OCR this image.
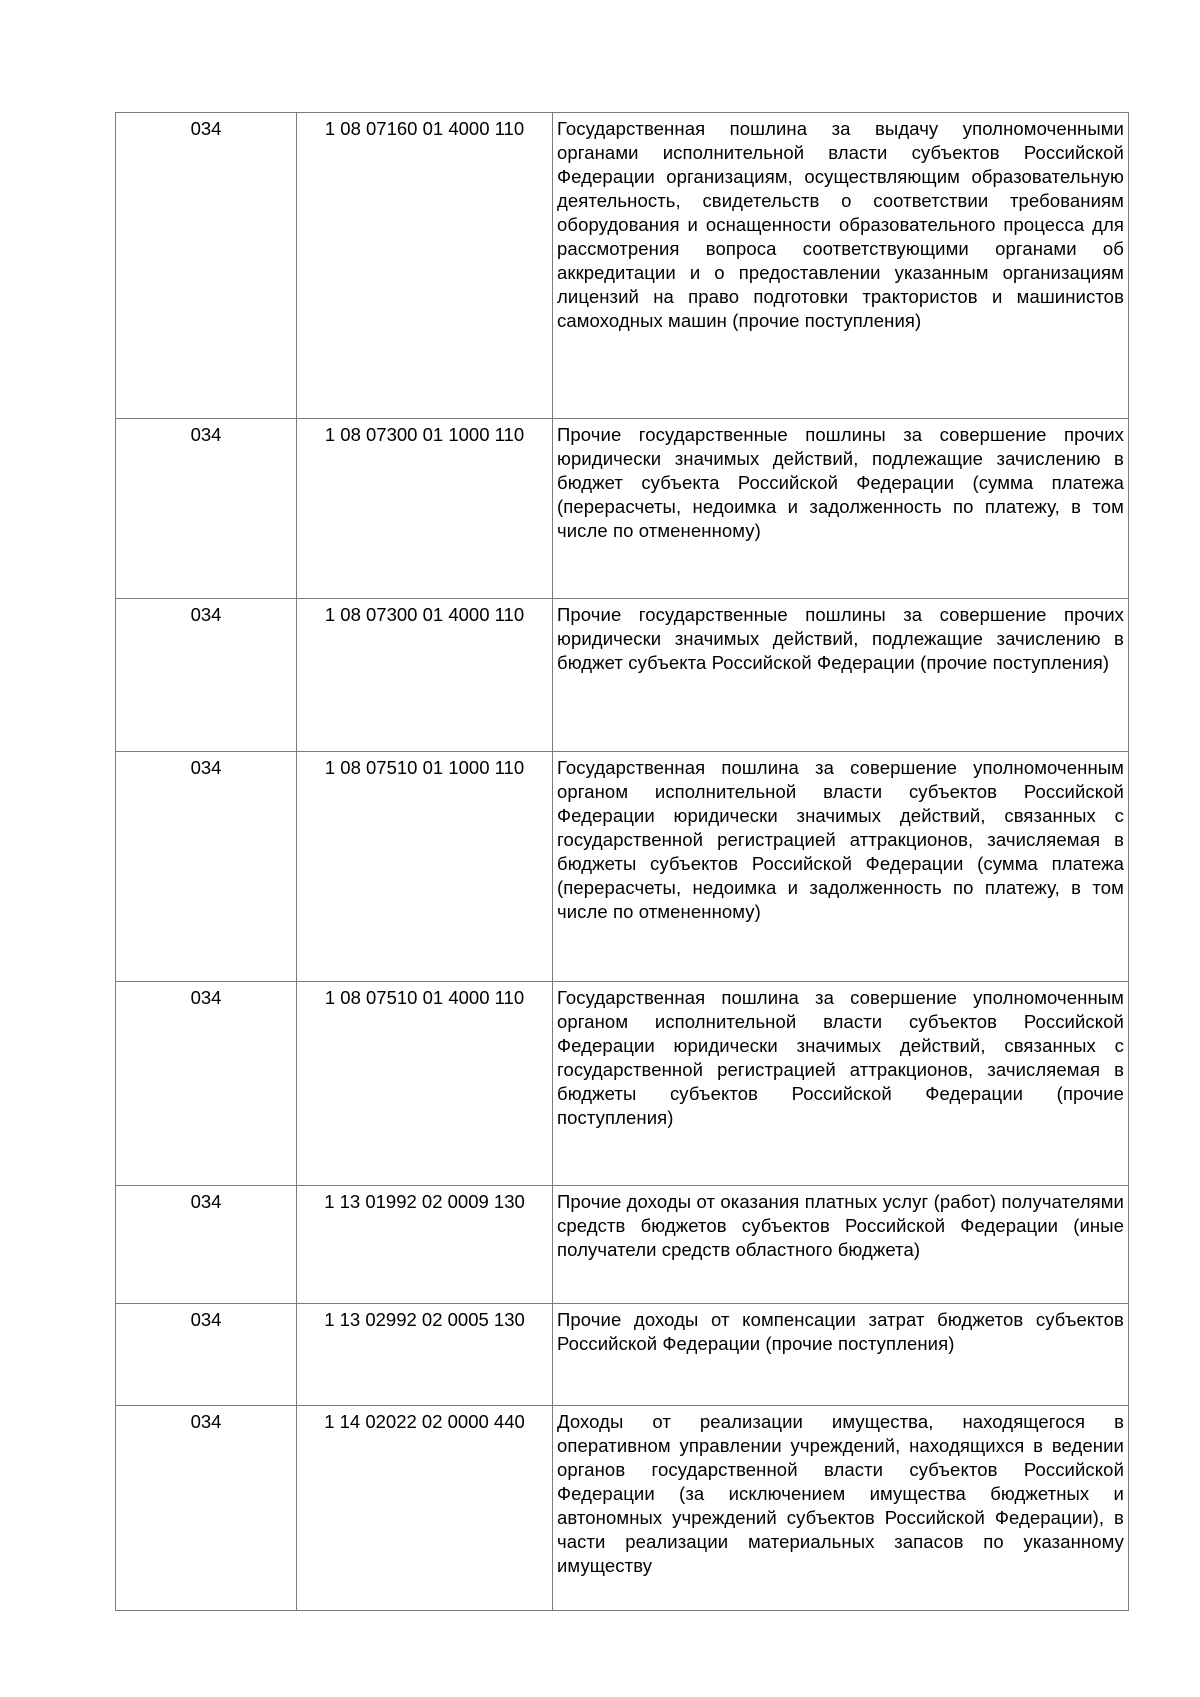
034	1 08 07160 01 4000 110	Государственная пошлина за выдачу уполномоченными органами исполнительной власти субъектов Российской Федерации организациям, осуществляющим образовательную деятельность, свидетельств о соответствии требованиям оборудования и оснащенности образовательного процесса для рассмотрения вопроса соответствующими органами об аккредитации и о предоставлении указанным организациям лицензий на право подготовки трактористов и машинистов самоходных машин (прочие поступления)
034	1 08 07300 01 1000 110	Прочие государственные пошлины за совершение прочих юридически значимых действий, подлежащие зачислению в бюджет субъекта Российской Федерации (сумма платежа (перерасчеты, недоимка и задолженность по платежу, в том числе по отмененному)
034	1 08 07300 01 4000 110	Прочие государственные пошлины за совершение прочих юридически значимых действий, подлежащие зачислению в бюджет субъекта Российской Федерации (прочие поступления)
034	1 08 07510 01 1000 110	Государственная пошлина за совершение уполномоченным органом исполнительной власти субъектов Российской Федерации юридически значимых действий, связанных с государственной регистрацией аттракционов, зачисляемая в бюджеты субъектов Российской Федерации (сумма платежа (перерасчеты, недоимка и задолженность по платежу, в том числе по отмененному)
034	1 08 07510 01 4000 110	Государственная пошлина за совершение уполномоченным органом исполнительной власти субъектов Российской Федерации юридически значимых действий, связанных с государственной регистрацией аттракционов, зачисляемая в бюджеты субъектов Российской Федерации (прочие поступления)
034	1 13 01992 02 0009 130	Прочие доходы от оказания платных услуг (работ) получателями средств бюджетов субъектов Российской Федерации (иные получатели средств областного бюджета)
034	1 13 02992 02 0005 130	Прочие доходы от компенсации затрат бюджетов субъектов Российской Федерации (прочие поступления)
034	1 14 02022 02 0000 440	Доходы от реализации имущества, находящегося в оперативном управлении учреждений, находящихся в ведении органов государственной власти субъектов Российской Федерации (за исключением имущества бюджетных и автономных учреждений субъектов Российской Федерации), в части реализации материальных запасов по указанному имуществу
